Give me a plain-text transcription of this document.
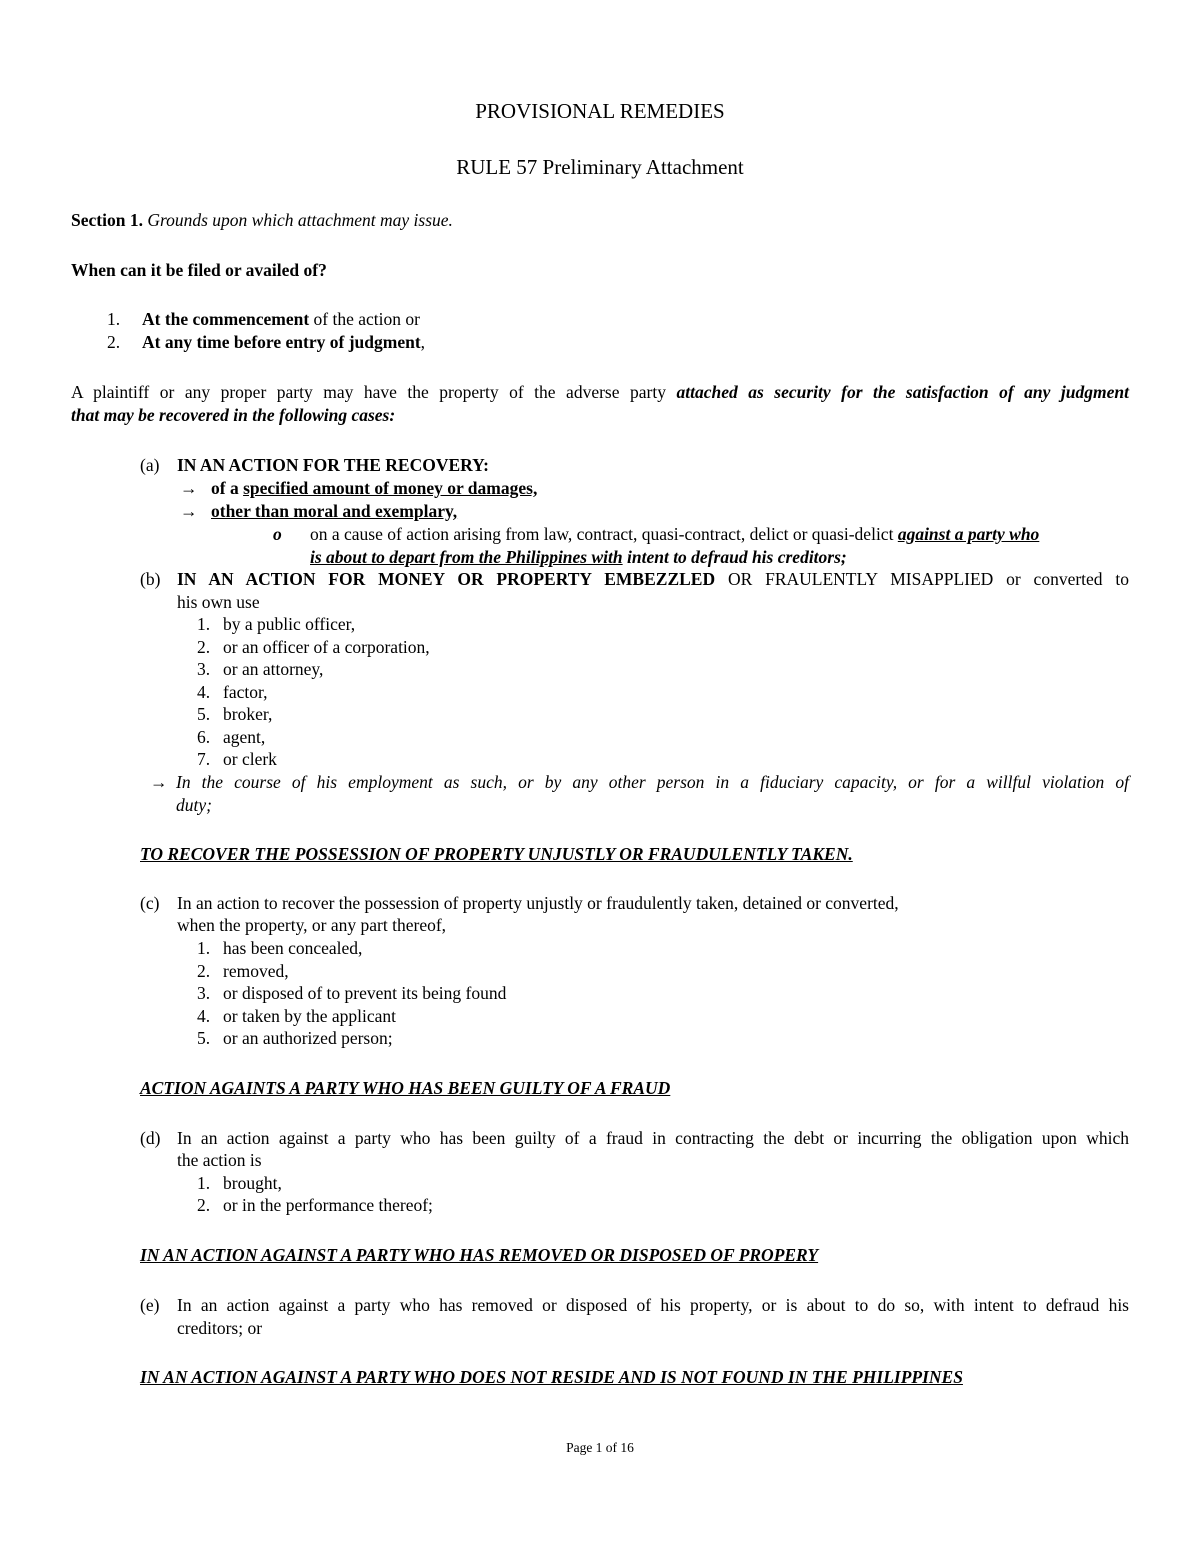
PROVISIONAL REMEDIES
RULE 57 Preliminary Attachment
Section 1. Grounds upon which attachment may issue.
When can it be filed or availed of?
1. At the commencement of the action or
2. At any time before entry of judgment,
A plaintiff or any proper party may have the property of the adverse party attached as security for the satisfaction of any judgment
that may be recovered in the following cases:
(a) IN AN ACTION FOR THE RECOVERY:
→ of a specified amount of money or damages,
→ other than moral and exemplary,
o on a cause of action arising from law, contract, quasi-contract, delict or quasi-delict against a party who
is about to depart from the Philippines with intent to defraud his creditors;
(b) IN AN ACTION FOR MONEY OR PROPERTY EMBEZZLED OR FRAULENTLY MISAPPLIED or converted to
his own use
1. by a public officer,
2. or an officer of a corporation,
3. or an attorney,
4. factor,
5. broker,
6. agent,
7. or clerk
→ In the course of his employment as such, or by any other person in a fiduciary capacity, or for a willful violation of
duty;
TO RECOVER THE POSSESSION OF PROPERTY UNJUSTLY OR FRAUDULENTLY TAKEN.
(c) In an action to recover the possession of property unjustly or fraudulently taken, detained or converted,
when the property, or any part thereof,
1. has been concealed,
2. removed,
3. or disposed of to prevent its being found
4. or taken by the applicant
5. or an authorized person;
ACTION AGAINTS A PARTY WHO HAS BEEN GUILTY OF A FRAUD
(d) In an action against a party who has been guilty of a fraud in contracting the debt or incurring the obligation upon which
the action is
1. brought,
2. or in the performance thereof;
IN AN ACTION AGAINST A PARTY WHO HAS REMOVED OR DISPOSED OF PROPERY
(e) In an action against a party who has removed or disposed of his property, or is about to do so, with intent to defraud his
creditors; or
IN AN ACTION AGAINST A PARTY WHO DOES NOT RESIDE AND IS NOT FOUND IN THE PHILIPPINES
Page 1 of 16
